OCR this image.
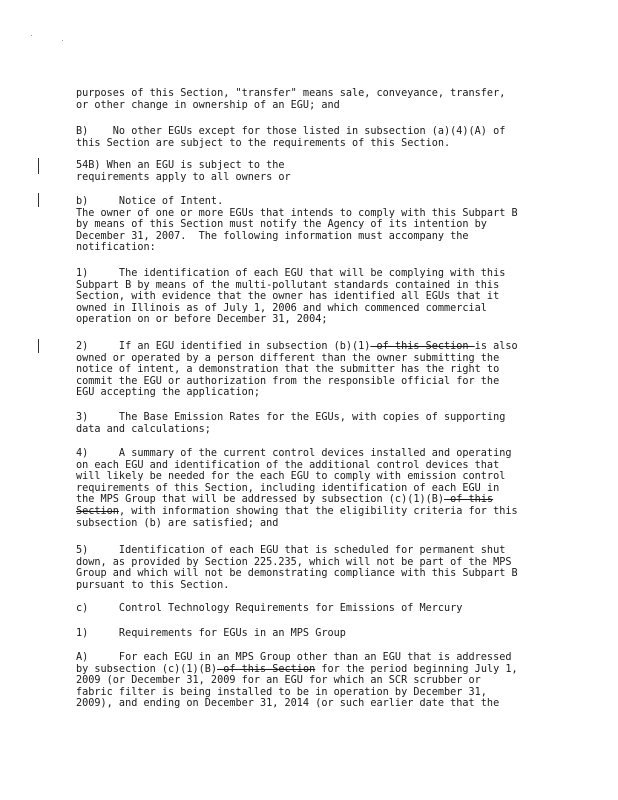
purposes of this Section, "transfer" means sale, conveyance, transfer,
or other change in ownership of an EGU; and
B)    No other EGUs except for those listed in subsection (a)(4)(A) of
this Section are subject to the requirements of this Section.
54B) When an EGU is subject to the
requirements apply to all owners or
b)     Notice of Intent.
The owner of one or more EGUs that intends to comply with this Subpart B
by means of this Section must notify the Agency of its intention by
December 31, 2007.  The following information must accompany the
notification:
1)     The identification of each EGU that will be complying with this
Subpart B by means of the multi-pollutant standards contained in this
Section, with evidence that the owner has identified all EGUs that it
owned in Illinois as of July 1, 2006 and which commenced commercial
operation on or before December 31, 2004;
2)     If an EGU identified in subsection (b)(1) of this Section is also
owned or operated by a person different than the owner submitting the
notice of intent, a demonstration that the submitter has the right to
commit the EGU or authorization from the responsible official for the
EGU accepting the application;
3)     The Base Emission Rates for the EGUs, with copies of supporting
data and calculations;
4)     A summary of the current control devices installed and operating
on each EGU and identification of the additional control devices that
will likely be needed for the each EGU to comply with emission control
requirements of this Section, including identification of each EGU in
the MPS Group that will be addressed by subsection (c)(1)(B) of this
Section, with information showing that the eligibility criteria for this
subsection (b) are satisfied; and
5)     Identification of each EGU that is scheduled for permanent shut
down, as provided by Section 225.235, which will not be part of the MPS
Group and which will not be demonstrating compliance with this Subpart B
pursuant to this Section.
c)     Control Technology Requirements for Emissions of Mercury
1)     Requirements for EGUs in an MPS Group
A)     For each EGU in an MPS Group other than an EGU that is addressed
by subsection (c)(1)(B) of this Section for the period beginning July 1,
2009 (or December 31, 2009 for an EGU for which an SCR scrubber or
fabric filter is being installed to be in operation by December 31,
2009), and ending on December 31, 2014 (or such earlier date that the
